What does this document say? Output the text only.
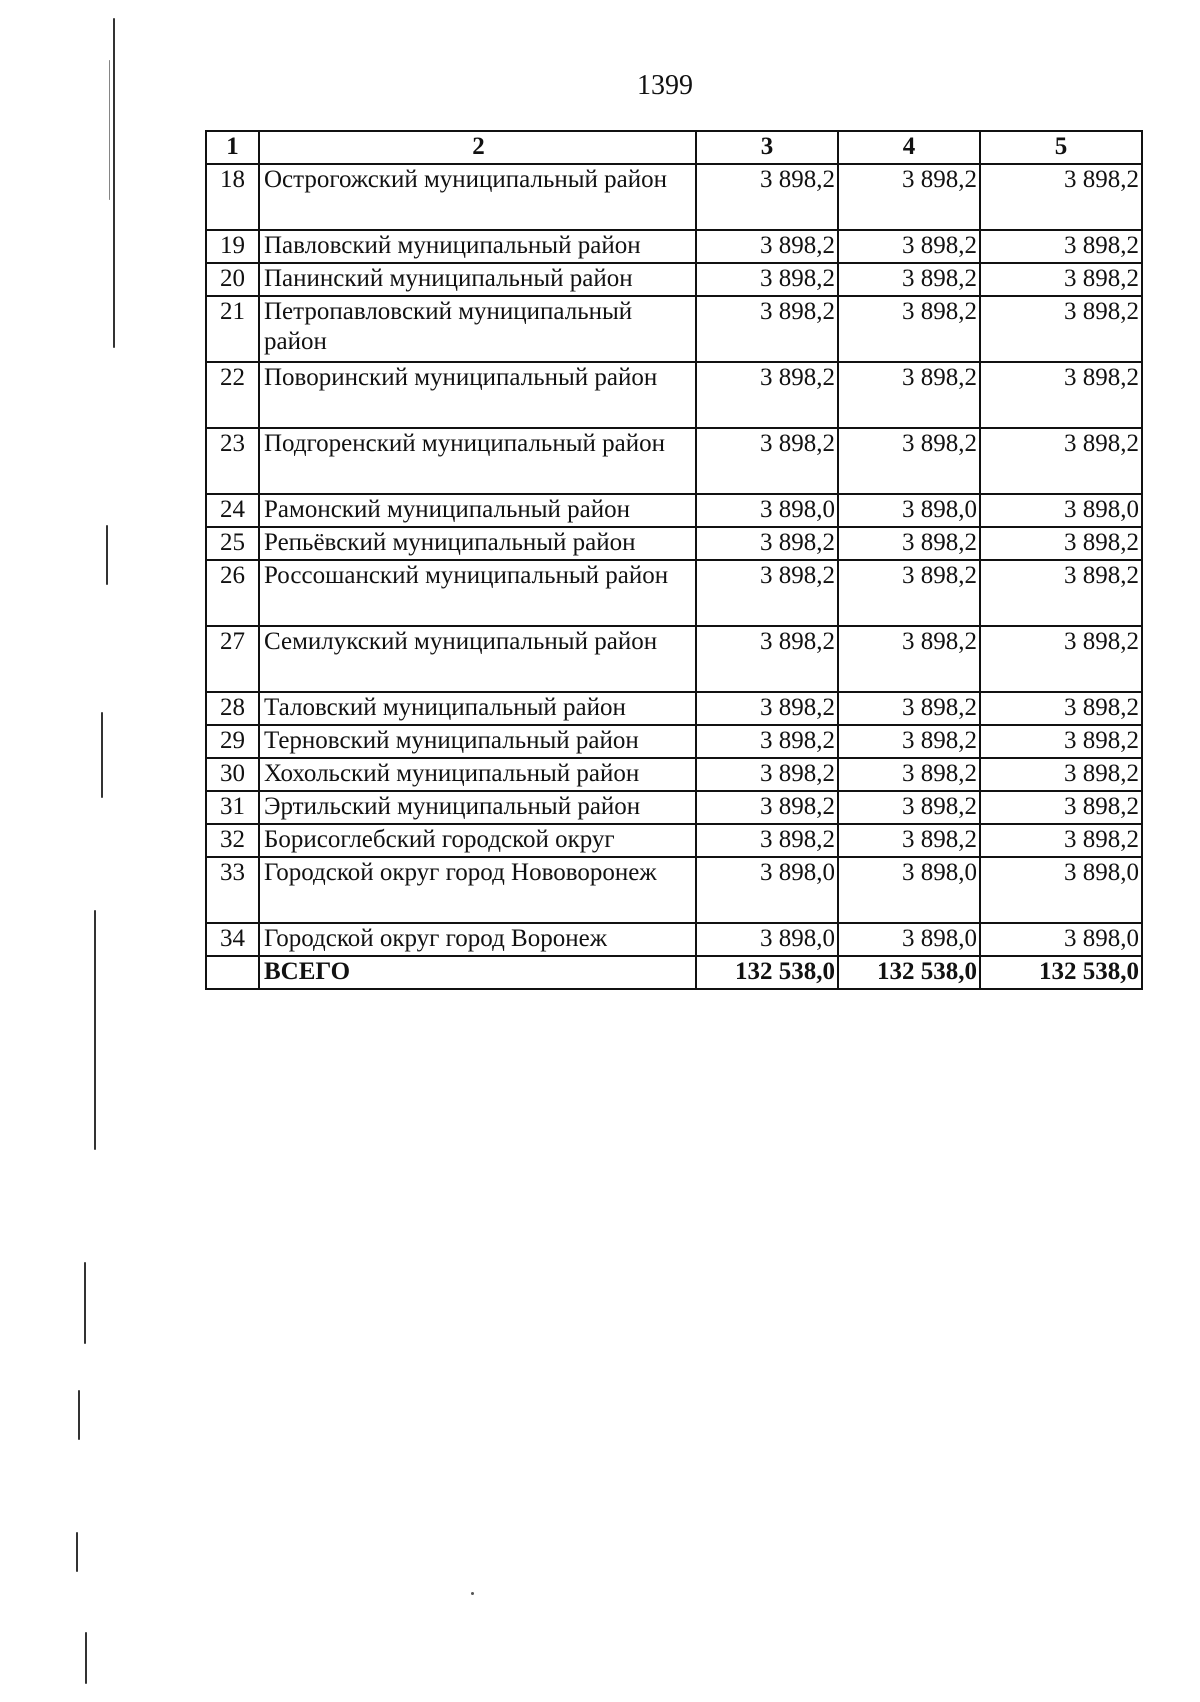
1399
1	2	3	4	5
18	Острогожский муниципальный район	3 898,2	3 898,2	3 898,2
19	Павловский муниципальный район	3 898,2	3 898,2	3 898,2
20	Панинский муниципальный район	3 898,2	3 898,2	3 898,2
21	Петропавловский муниципальный район	3 898,2	3 898,2	3 898,2
22	Поворинский муниципальный район	3 898,2	3 898,2	3 898,2
23	Подгоренский муниципальный район	3 898,2	3 898,2	3 898,2
24	Рамонский муниципальный район	3 898,0	3 898,0	3 898,0
25	Репьёвский муниципальный район	3 898,2	3 898,2	3 898,2
26	Россошанский муниципальный район	3 898,2	3 898,2	3 898,2
27	Семилукский муниципальный район	3 898,2	3 898,2	3 898,2
28	Таловский муниципальный район	3 898,2	3 898,2	3 898,2
29	Терновский муниципальный район	3 898,2	3 898,2	3 898,2
30	Хохольский муниципальный район	3 898,2	3 898,2	3 898,2
31	Эртильский муниципальный район	3 898,2	3 898,2	3 898,2
32	Борисоглебский городской округ	3 898,2	3 898,2	3 898,2
33	Городской округ город Нововоронеж	3 898,0	3 898,0	3 898,0
34	Городской округ город Воронеж	3 898,0	3 898,0	3 898,0
	ВСЕГО	132 538,0	132 538,0	132 538,0
